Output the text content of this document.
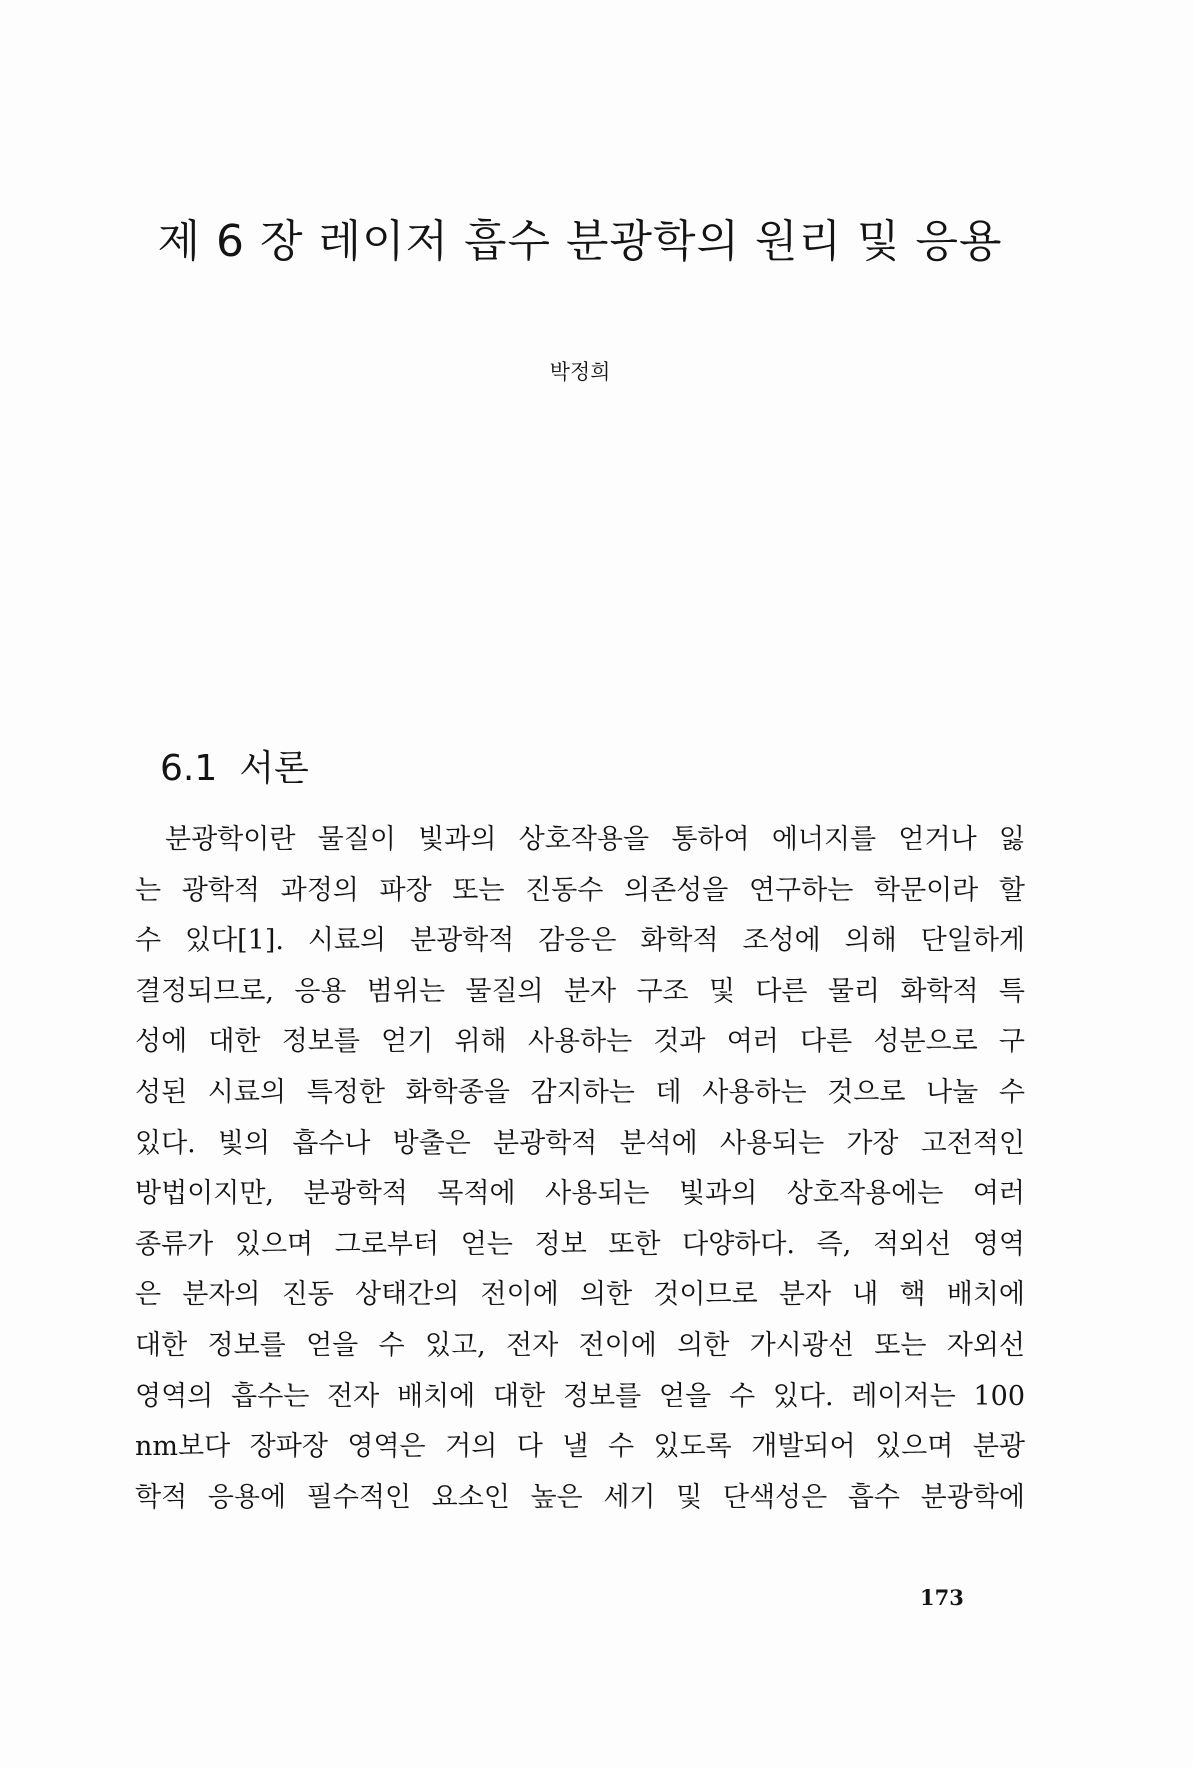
제 6 장 레이저 흡수 분광학의 원리 및 응용

박정희

6.1 서론
분광학이란 물질이 빛과의 상호작용을 통하여 에너지를 얻거나 잃
는 광학적 과정의 파장 또는 진동수 의존성을 연구하는 학문이라 할
수 있다[1]. 시료의 분광학적 감응은 화학적 조성에 의해 단일하게
결정되므로, 응용 범위는 물질의 분자 구조 및 다른 물리 화학적 특
성에 대한 정보를 얻기 위해 사용하는 것과 여러 다른 성분으로 구
성된 시료의 특정한 화학종을 감지하는 데 사용하는 것으로 나눌 수
있다. 빛의 흡수나 방출은 분광학적 분석에 사용되는 가장 고전적인
방법이지만, 분광학적 목적에 사용되는 빛과의 상호작용에는 여러
종류가 있으며 그로부터 얻는 정보 또한 다양하다. 즉, 적외선 영역
은 분자의 진동 상태간의 전이에 의한 것이므로 분자 내 핵 배치에
대한 정보를 얻을 수 있고, 전자 전이에 의한 가시광선 또는 자외선
영역의 흡수는 전자 배치에 대한 정보를 얻을 수 있다. 레이저는 100
nm보다 장파장 영역은 거의 다 낼 수 있도록 개발되어 있으며 분광
학적 응용에 필수적인 요소인 높은 세기 및 단색성은 흡수 분광학에

173
